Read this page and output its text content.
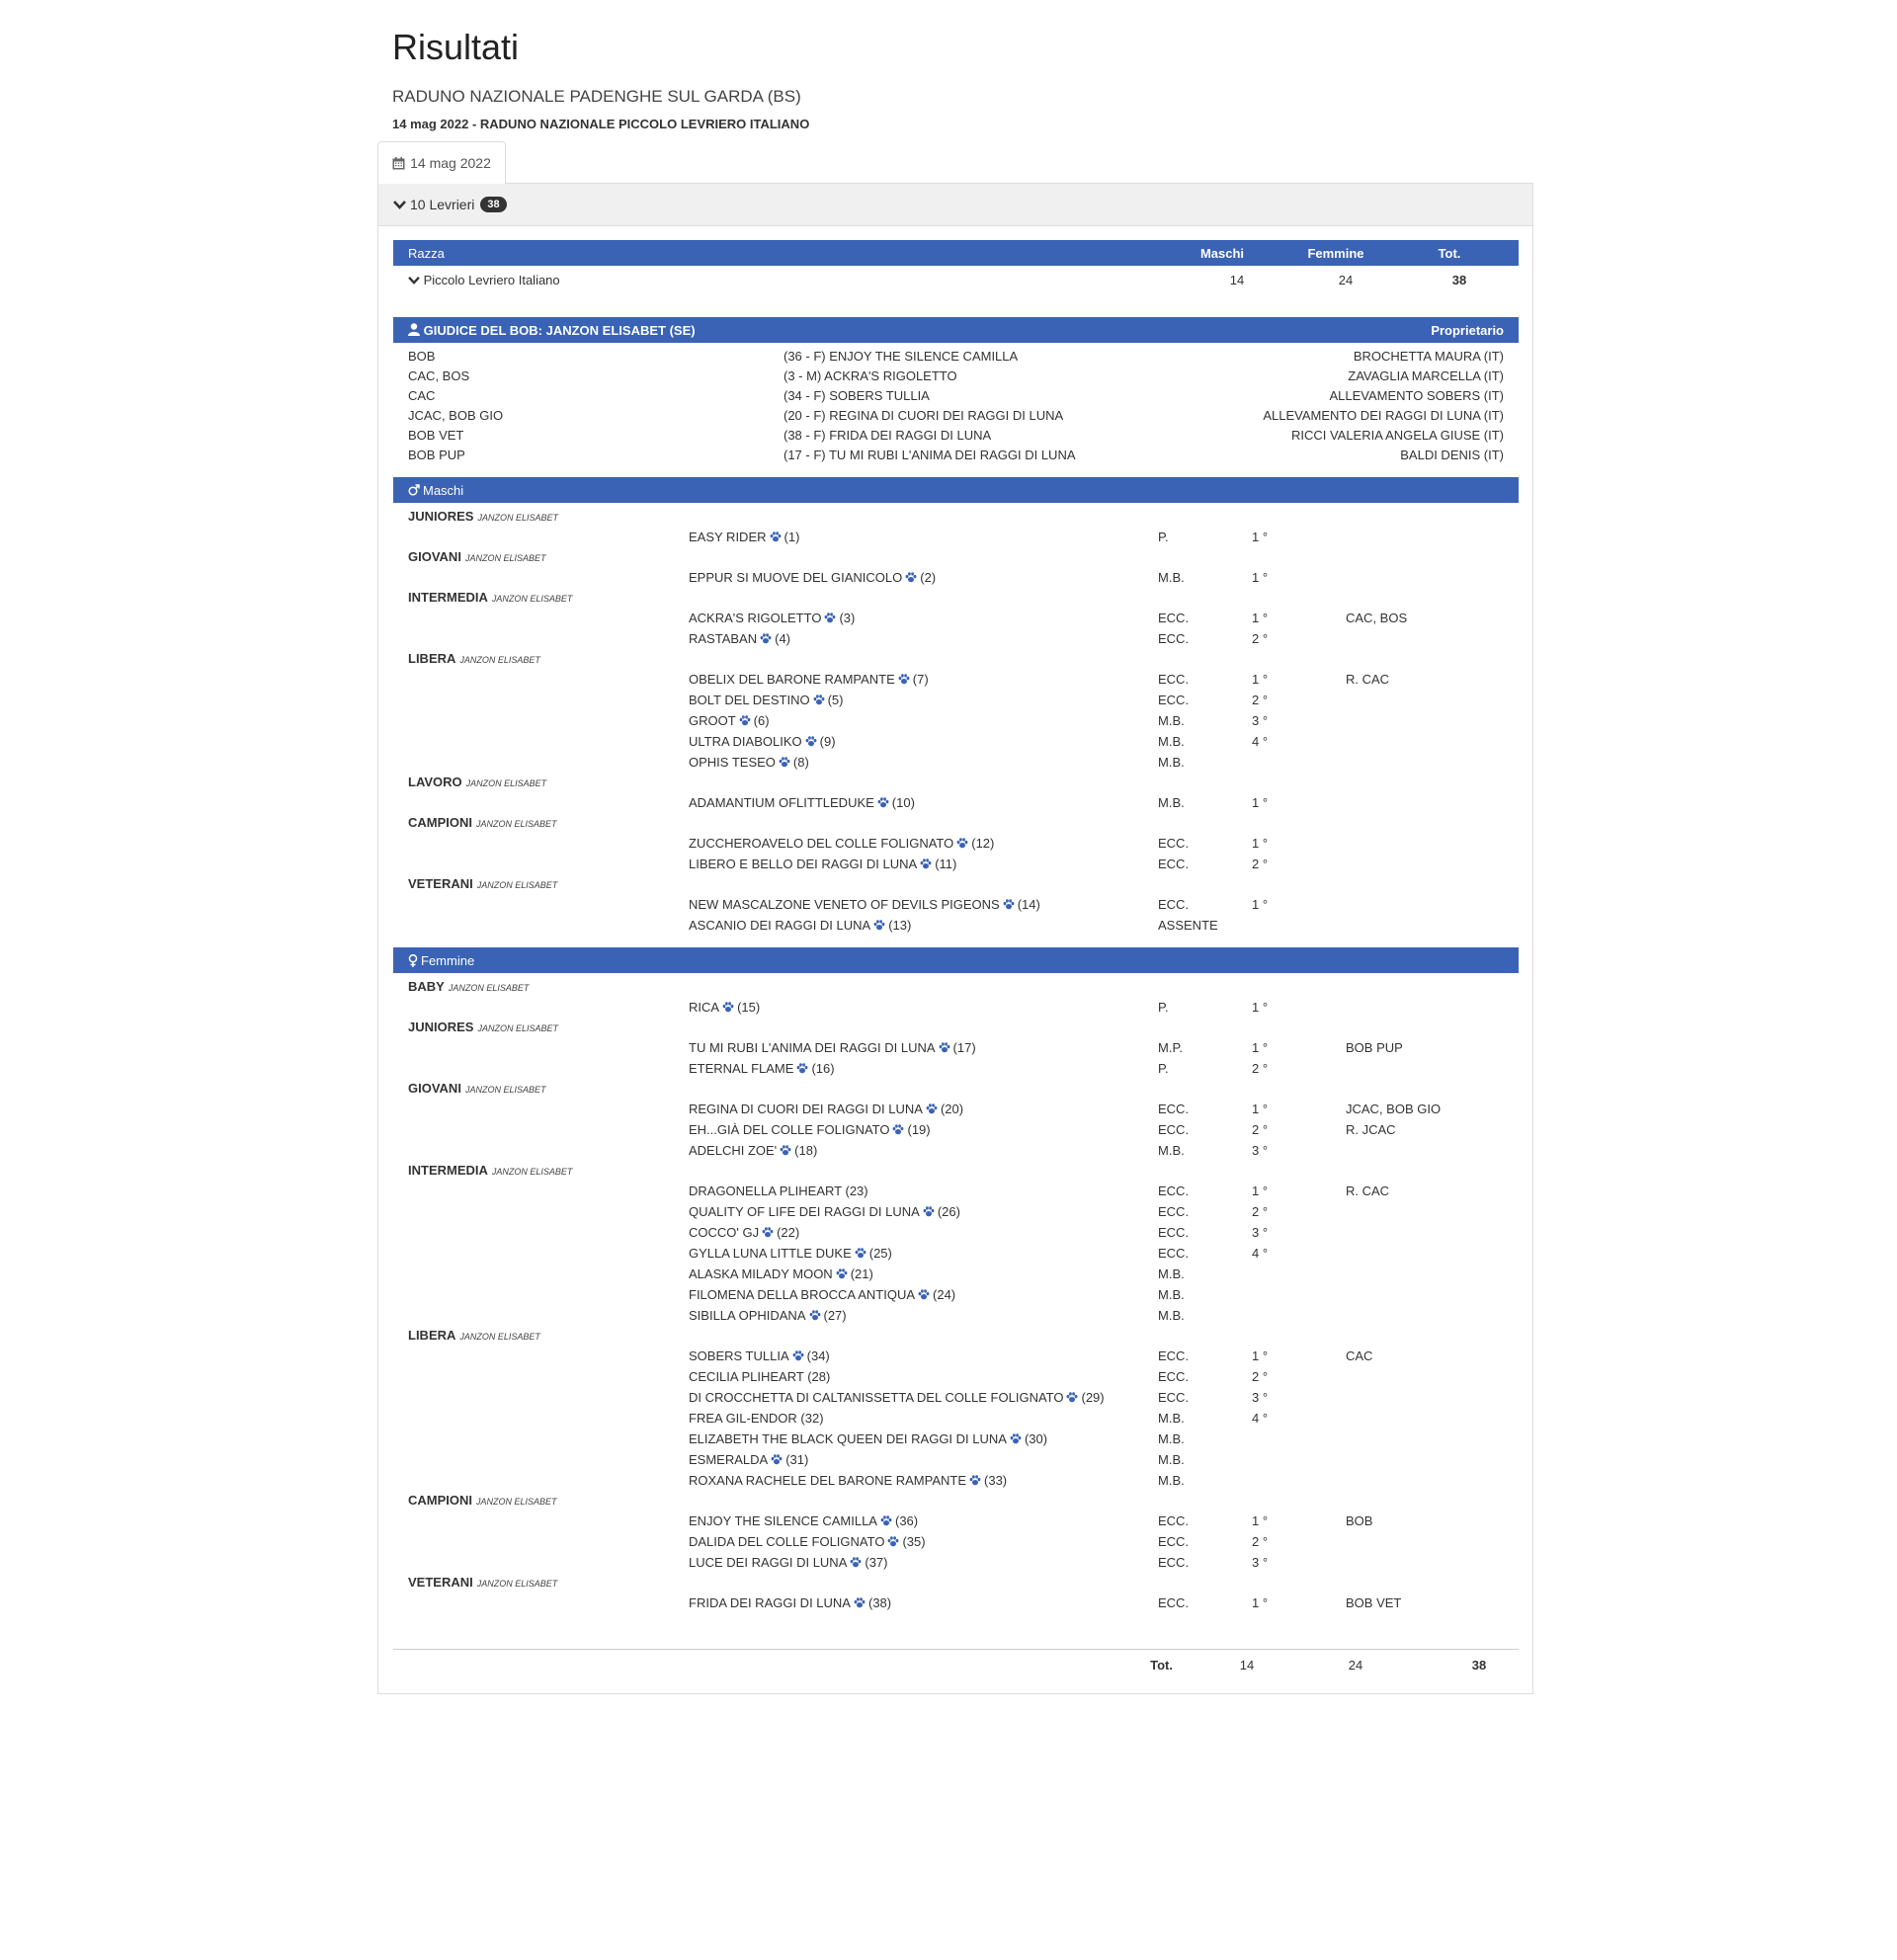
Risultati
RADUNO NAZIONALE PADENGHE SUL GARDA (BS)
14 mag 2022 - RADUNO NAZIONALE PICCOLO LEVRIERO ITALIANO
14 mag 2022
10 Levrieri	38
Razza	Maschi	Femmine	Tot.
Piccolo Levriero Italiano	14	24	38
GIUDICE DEL BOB: JANZON ELISABET (SE)	Proprietario
BOB	(36 - F) ENJOY THE SILENCE CAMILLA	BROCHETTA MAURA (IT)
CAC, BOS	(3 - M) ACKRA'S RIGOLETTO	ZAVAGLIA MARCELLA (IT)
CAC	(34 - F) SOBERS TULLIA	ALLEVAMENTO SOBERS (IT)
JCAC, BOB GIO	(20 - F) REGINA DI CUORI DEI RAGGI DI LUNA	ALLEVAMENTO DEI RAGGI DI LUNA (IT)
BOB VET	(38 - F) FRIDA DEI RAGGI DI LUNA	RICCI VALERIA ANGELA GIUSE (IT)
BOB PUP	(17 - F) TU MI RUBI L'ANIMA DEI RAGGI DI LUNA	BALDI DENIS (IT)
Maschi
JUNIORES JANZON ELISABET
EASY RIDER (1)	P.	1 °
GIOVANI JANZON ELISABET
EPPUR SI MUOVE DEL GIANICOLO (2)	M.B.	1 °
INTERMEDIA JANZON ELISABET
ACKRA'S RIGOLETTO (3)	ECC.	1 °	CAC, BOS
RASTABAN (4)	ECC.	2 °
LIBERA JANZON ELISABET
OBELIX DEL BARONE RAMPANTE (7)	ECC.	1 °	R. CAC
BOLT DEL DESTINO (5)	ECC.	2 °
GROOT (6)	M.B.	3 °
ULTRA DIABOLIKO (9)	M.B.	4 °
OPHIS TESEO (8)	M.B.
LAVORO JANZON ELISABET
ADAMANTIUM OFLITTLEDUKE (10)	M.B.	1 °
CAMPIONI JANZON ELISABET
ZUCCHEROAVELO DEL COLLE FOLIGNATO (12)	ECC.	1 °
LIBERO E BELLO DEI RAGGI DI LUNA (11)	ECC.	2 °
VETERANI JANZON ELISABET
NEW MASCALZONE VENETO OF DEVILS PIGEONS (14)	ECC.	1 °
ASCANIO DEI RAGGI DI LUNA (13)	ASSENTE
Femmine
BABY JANZON ELISABET
RICA (15)	P.	1 °
JUNIORES JANZON ELISABET
TU MI RUBI L'ANIMA DEI RAGGI DI LUNA (17)	M.P.	1 °	BOB PUP
ETERNAL FLAME (16)	P.	2 °
GIOVANI JANZON ELISABET
REGINA DI CUORI DEI RAGGI DI LUNA (20)	ECC.	1 °	JCAC, BOB GIO
EH...GIÀ DEL COLLE FOLIGNATO (19)	ECC.	2 °	R. JCAC
ADELCHI ZOE' (18)	M.B.	3 °
INTERMEDIA JANZON ELISABET
DRAGONELLA PLIHEART (23)	ECC.	1 °	R. CAC
QUALITY OF LIFE DEI RAGGI DI LUNA (26)	ECC.	2 °
COCCO' GJ (22)	ECC.	3 °
GYLLA LUNA LITTLE DUKE (25)	ECC.	4 °
ALASKA MILADY MOON (21)	M.B.
FILOMENA DELLA BROCCA ANTIQUA (24)	M.B.
SIBILLA OPHIDANA (27)	M.B.
LIBERA JANZON ELISABET
SOBERS TULLIA (34)	ECC.	1 °	CAC
CECILIA PLIHEART (28)	ECC.	2 °
DI CROCCHETTA DI CALTANISSETTA DEL COLLE FOLIGNATO (29)	ECC.	3 °
FREA GIL-ENDOR (32)	M.B.	4 °
ELIZABETH THE BLACK QUEEN DEI RAGGI DI LUNA (30)	M.B.
ESMERALDA (31)	M.B.
ROXANA RACHELE DEL BARONE RAMPANTE (33)	M.B.
CAMPIONI JANZON ELISABET
ENJOY THE SILENCE CAMILLA (36)	ECC.	1 °	BOB
DALIDA DEL COLLE FOLIGNATO (35)	ECC.	2 °
LUCE DEI RAGGI DI LUNA (37)	ECC.	3 °
VETERANI JANZON ELISABET
FRIDA DEI RAGGI DI LUNA (38)	ECC.	1 °	BOB VET
Tot.	14	24	38
